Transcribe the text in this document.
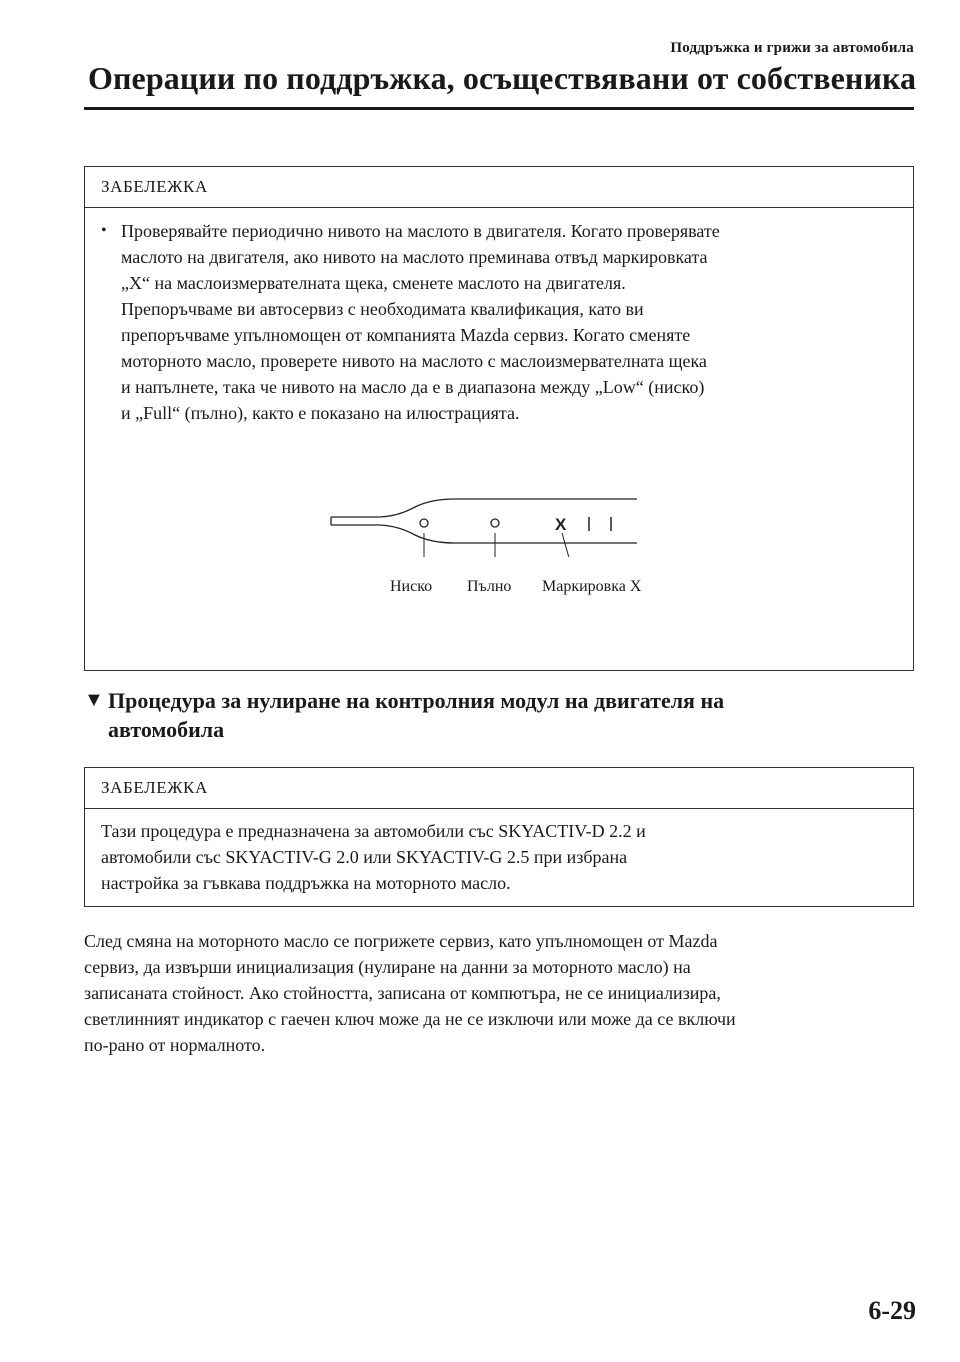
Поддръжка и грижи за автомобила
Операции по поддръжка, осъществявани от собственика
ЗАБЕЛЕЖКА
• Проверявайте периодично нивото на маслото в двигателя. Когато проверявате
маслото на двигателя, ако нивото на маслото преминава отвъд маркировката
„X“ на маслоизмервателната щека, сменете маслото на двигателя.
Препоръчваме ви автосервиз с необходимата квалификация, като ви
препоръчваме упълномощен от компанията Mazda сервиз. Когато сменяте
моторното масло, проверете нивото на маслото с маслоизмервателната щека
и напълнете, така че нивото на масло да е в диапазона между „Low“ (ниско)
и „Full“ (пълно), както е показано на илюстрацията.
X
Ниско Пълно Маркировка X
▼ Процедура за нулиране на контролния модул на двигателя на
автомобила
ЗАБЕЛЕЖКА
Тази процедура е предназначена за автомобили със SKYACTIV-D 2.2 и
автомобили със SKYACTIV-G 2.0 или SKYACTIV-G 2.5 при избрана
настройка за гъвкава поддръжка на моторното масло.
След смяна на моторното масло се погрижете сервиз, като упълномощен от Mazda
сервиз, да извърши инициализация (нулиране на данни за моторното масло) на
записаната стойност. Ако стойността, записана от компютъра, не се инициализира,
светлинният индикатор с гаечен ключ може да не се изключи или може да се включи
по-рано от нормалното.
6-29
